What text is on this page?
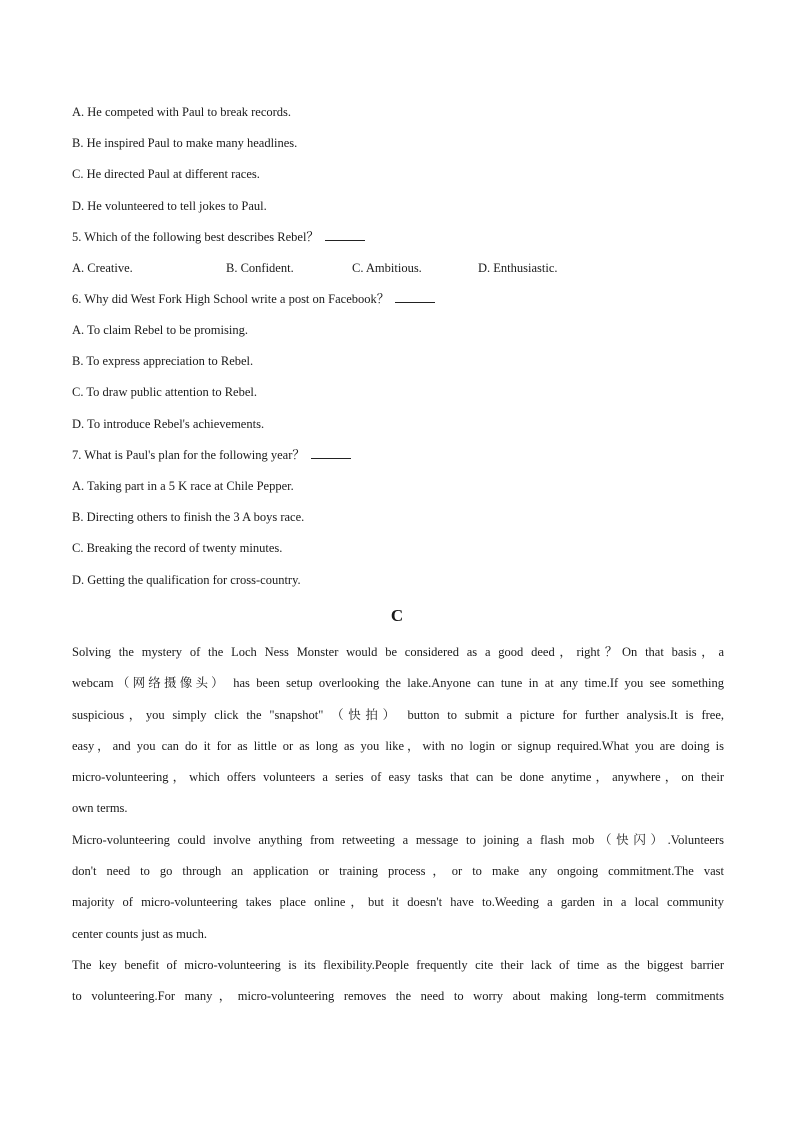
A. He competed with Paul to break records.
B. He inspired Paul to make many headlines.
C. He directed Paul at different races.
D. He volunteered to tell jokes to Paul.
5. Which of the following best describes Rebel？
A. Creative.	B. Confident.	C. Ambitious.	D. Enthusiastic.
6. Why did West Fork High School write a post on Facebook？
A. To claim Rebel to be promising.
B. To express appreciation to Rebel.
C. To draw public attention to Rebel.
D. To introduce Rebel's achievements.
7. What is Paul's plan for the following year？
A. Taking part in a 5 K race at Chile Pepper.
B. Directing others to finish the 3 A boys race.
C. Breaking the record of twenty minutes.
D. Getting the qualification for cross-country.
C
Solving the mystery of the Loch Ness Monster would be considered as a good deed，right？On that basis，a
webcam（网络摄像头） has been setup overlooking the lake.Anyone can tune in at any time.If you see something
suspicious，you simply click the "snapshot" （快拍） button to submit a picture for further analysis.It is free,
easy，and you can do it for as little or as long as you like，with no login or signup required.What you are doing is
micro-volunteering，which offers volunteers a series of easy tasks that can be done anytime，anywhere，on their
own terms.
Micro-volunteering could involve anything from retweeting a message to joining a flash mob（快闪）.Volunteers
don't need to go through an application or training process，or to make any ongoing commitment.The vast
majority of micro-volunteering takes place online，but it doesn't have to.Weeding a garden in a local community
center counts just as much.
The key benefit of micro-volunteering is its flexibility.People frequently cite their lack of time as the biggest barrier
to volunteering.For many，micro-volunteering removes the need to worry about making long-term commitments
